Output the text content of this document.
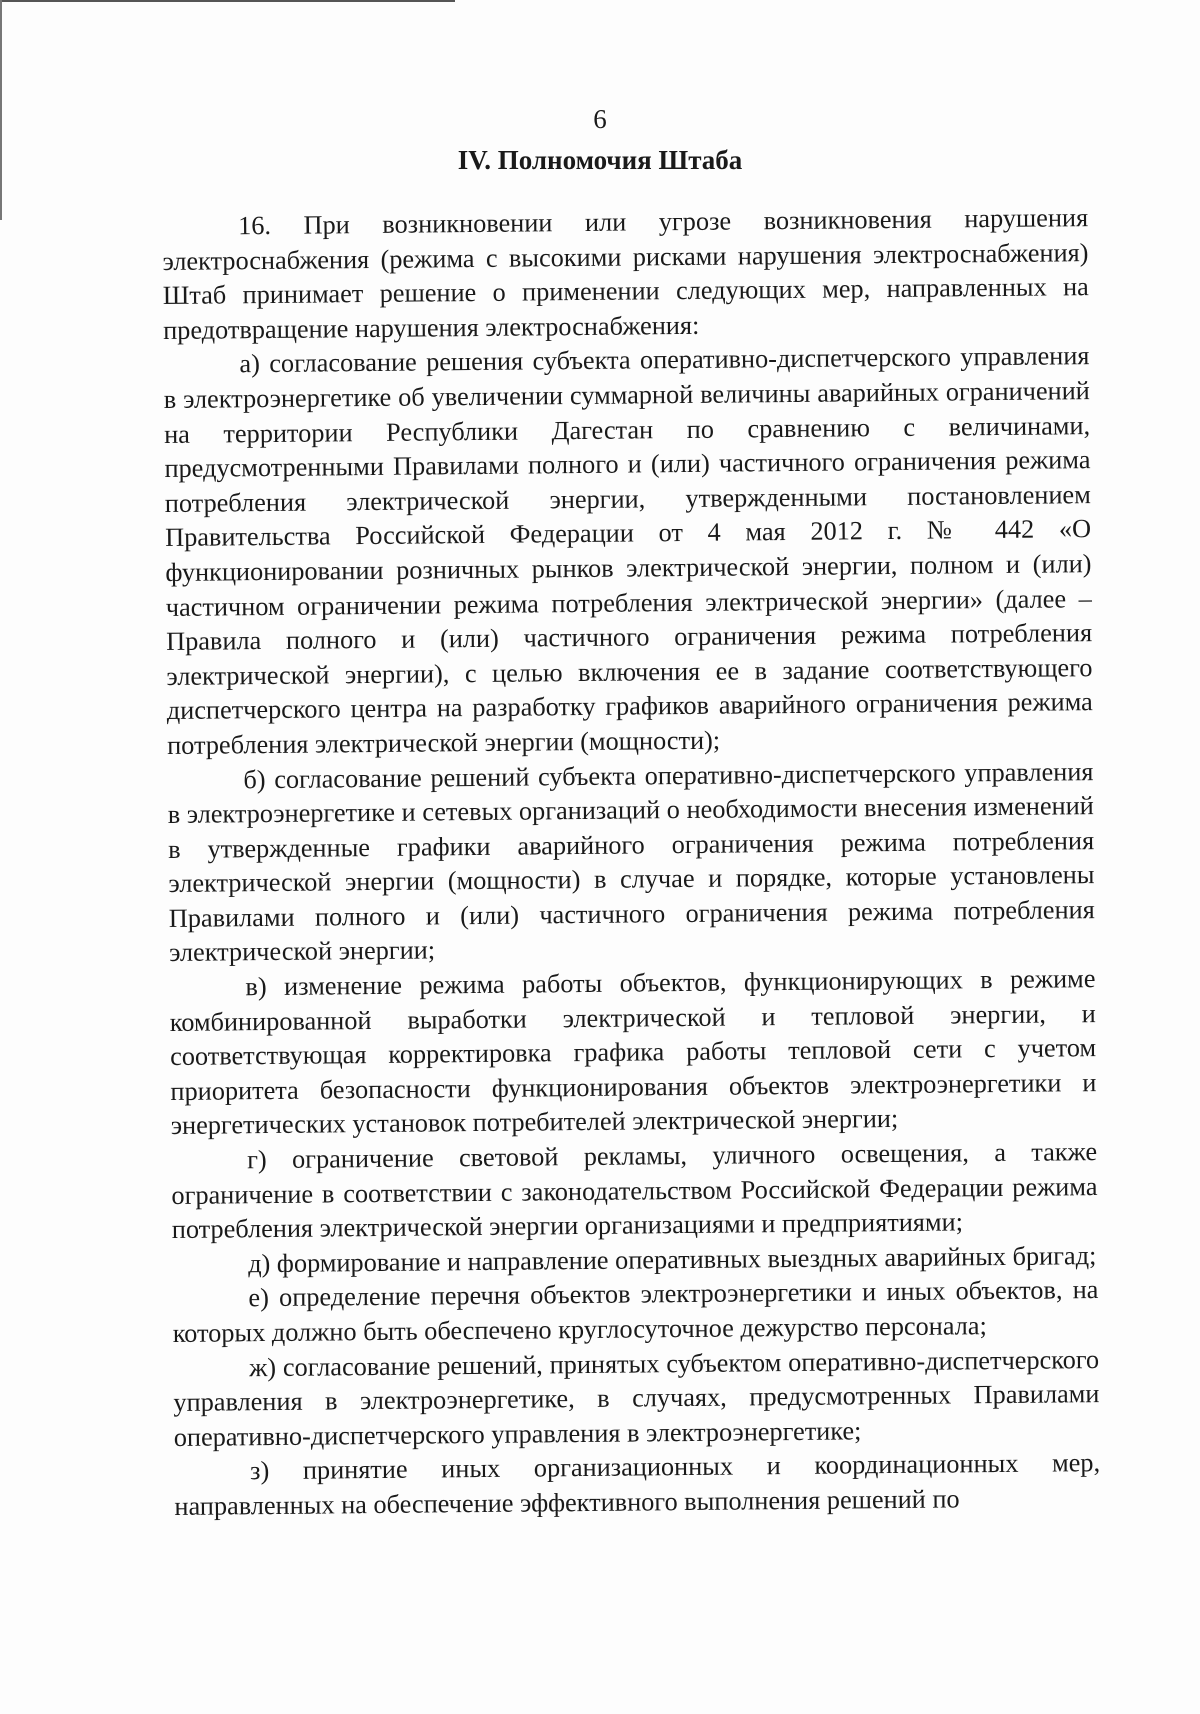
6
IV. Полномочия Штаба

16. При возникновении или угрозе возникновения нарушения электроснабжения (режима с высокими рисками нарушения электроснабжения) Штаб принимает решение о применении следующих мер, направленных на предотвращение нарушения электроснабжения:

а) согласование решения субъекта оперативно-диспетчерского управления в электроэнергетике об увеличении суммарной величины аварийных ограничений на территории Республики Дагестан по сравнению с величинами, предусмотренными Правилами полного и (или) частичного ограничения режима потребления электрической энергии, утвержденными постановлением Правительства Российской Федерации от 4 мая 2012 г. № 442 «О функционировании розничных рынков электрической энергии, полном и (или) частичном ограничении режима потребления электрической энергии» (далее – Правила полного и (или) частичного ограничения режима потребления электрической энергии), с целью включения ее в задание соответствующего диспетчерского центра на разработку графиков аварийного ограничения режима потребления электрической энергии (мощности);

б) согласование решений субъекта оперативно-диспетчерского управления в электроэнергетике и сетевых организаций о необходимости внесения изменений в утвержденные графики аварийного ограничения режима потребления электрической энергии (мощности) в случае и порядке, которые установлены Правилами полного и (или) частичного ограничения режима потребления электрической энергии;

в) изменение режима работы объектов, функционирующих в режиме комбинированной выработки электрической и тепловой энергии, и соответствующая корректировка графика работы тепловой сети с учетом приоритета безопасности функционирования объектов электроэнергетики и энергетических установок потребителей электрической энергии;

г) ограничение световой рекламы, уличного освещения, а также ограничение в соответствии с законодательством Российской Федерации режима потребления электрической энергии организациями и предприятиями;

д) формирование и направление оперативных выездных аварийных бригад;

е) определение перечня объектов электроэнергетики и иных объектов, на которых должно быть обеспечено круглосуточное дежурство персонала;

ж) согласование решений, принятых субъектом оперативно-диспетчерского управления в электроэнергетике, в случаях, предусмотренных Правилами оперативно-диспетчерского управления в электроэнергетике;

з) принятие иных организационных и координационных мер, направленных на обеспечение эффективного выполнения решений по
